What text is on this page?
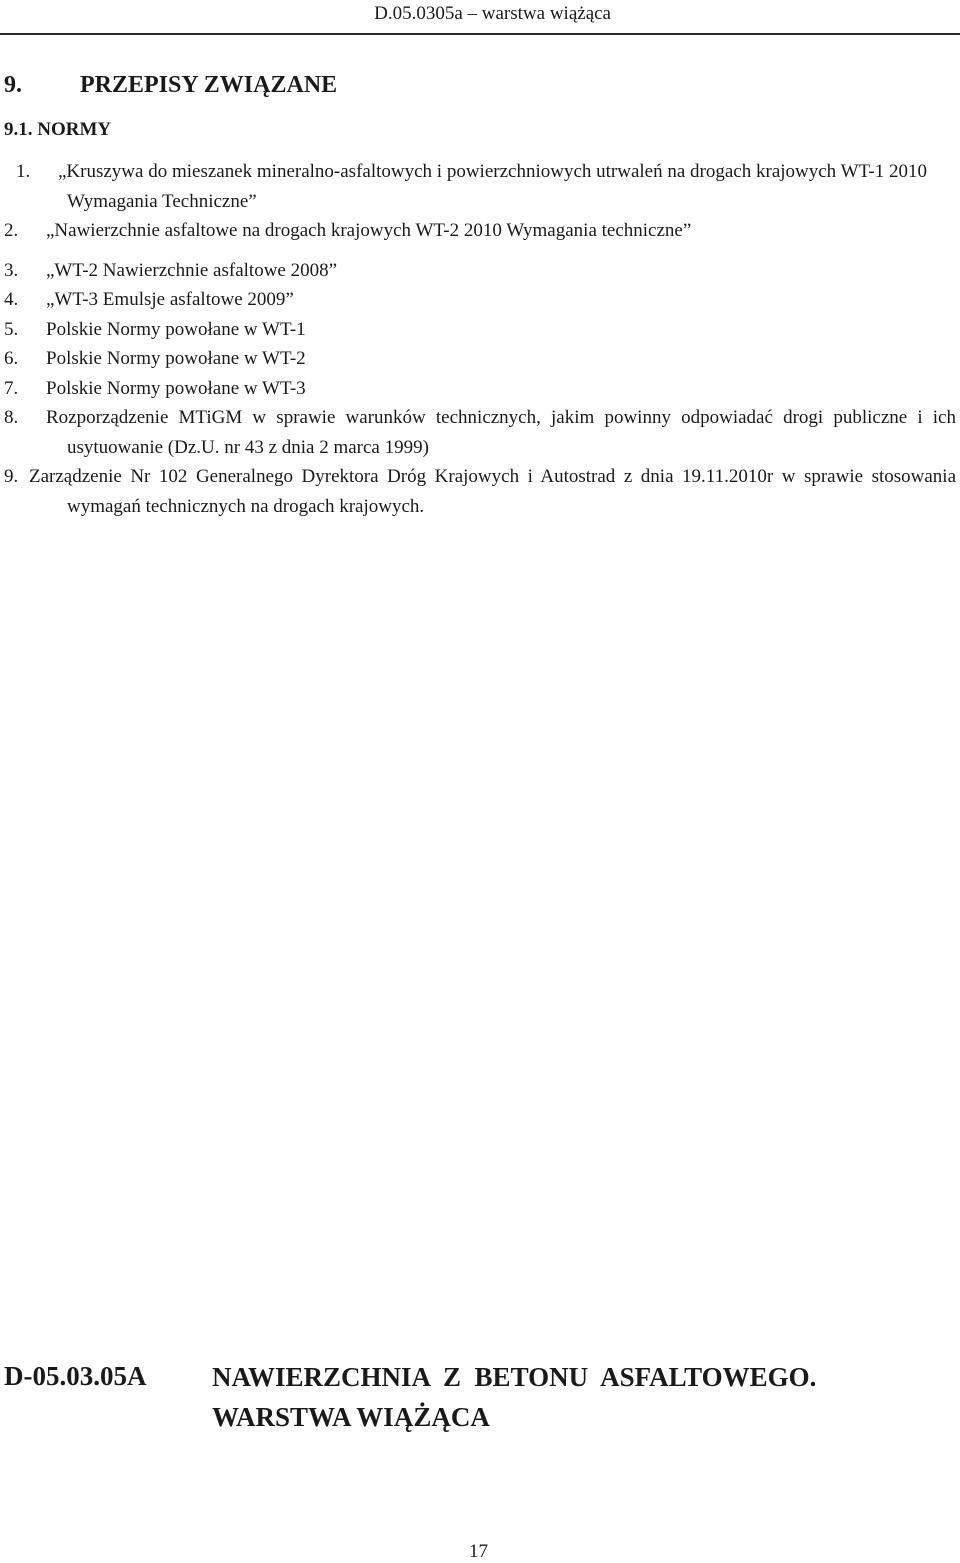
D.05.0305a – warstwa wiążąca
9. PRZEPISY ZWIĄZANE
9.1. NORMY
1. „Kruszywa do mieszanek mineralno-asfaltowych i powierzchniowych utrwaleń na drogach krajowych WT-1 2010 Wymagania Techniczne”
2. „Nawierzchnie asfaltowe na drogach krajowych WT-2 2010 Wymagania techniczne”
3. „WT-2 Nawierzchnie asfaltowe 2008”
4. „WT-3 Emulsje asfaltowe 2009”
5. Polskie Normy powołane w WT-1
6. Polskie Normy powołane w WT-2
7. Polskie Normy powołane w WT-3
8. Rozporządzenie MTiGM w sprawie warunków technicznych, jakim powinny odpowiadać drogi publiczne i ich usytuowanie (Dz.U. nr 43 z dnia 2 marca 1999)
9. Zarządzenie Nr 102 Generalnego Dyrektora Dróg Krajowych i Autostrad z dnia 19.11.2010r w sprawie stosowania wymagań technicznych na drogach krajowych.
D-05.03.05A NAWIERZCHNIA  Z  BETONU  ASFALTOWEGO.
WARSTWA WIĄŻĄCA
17
